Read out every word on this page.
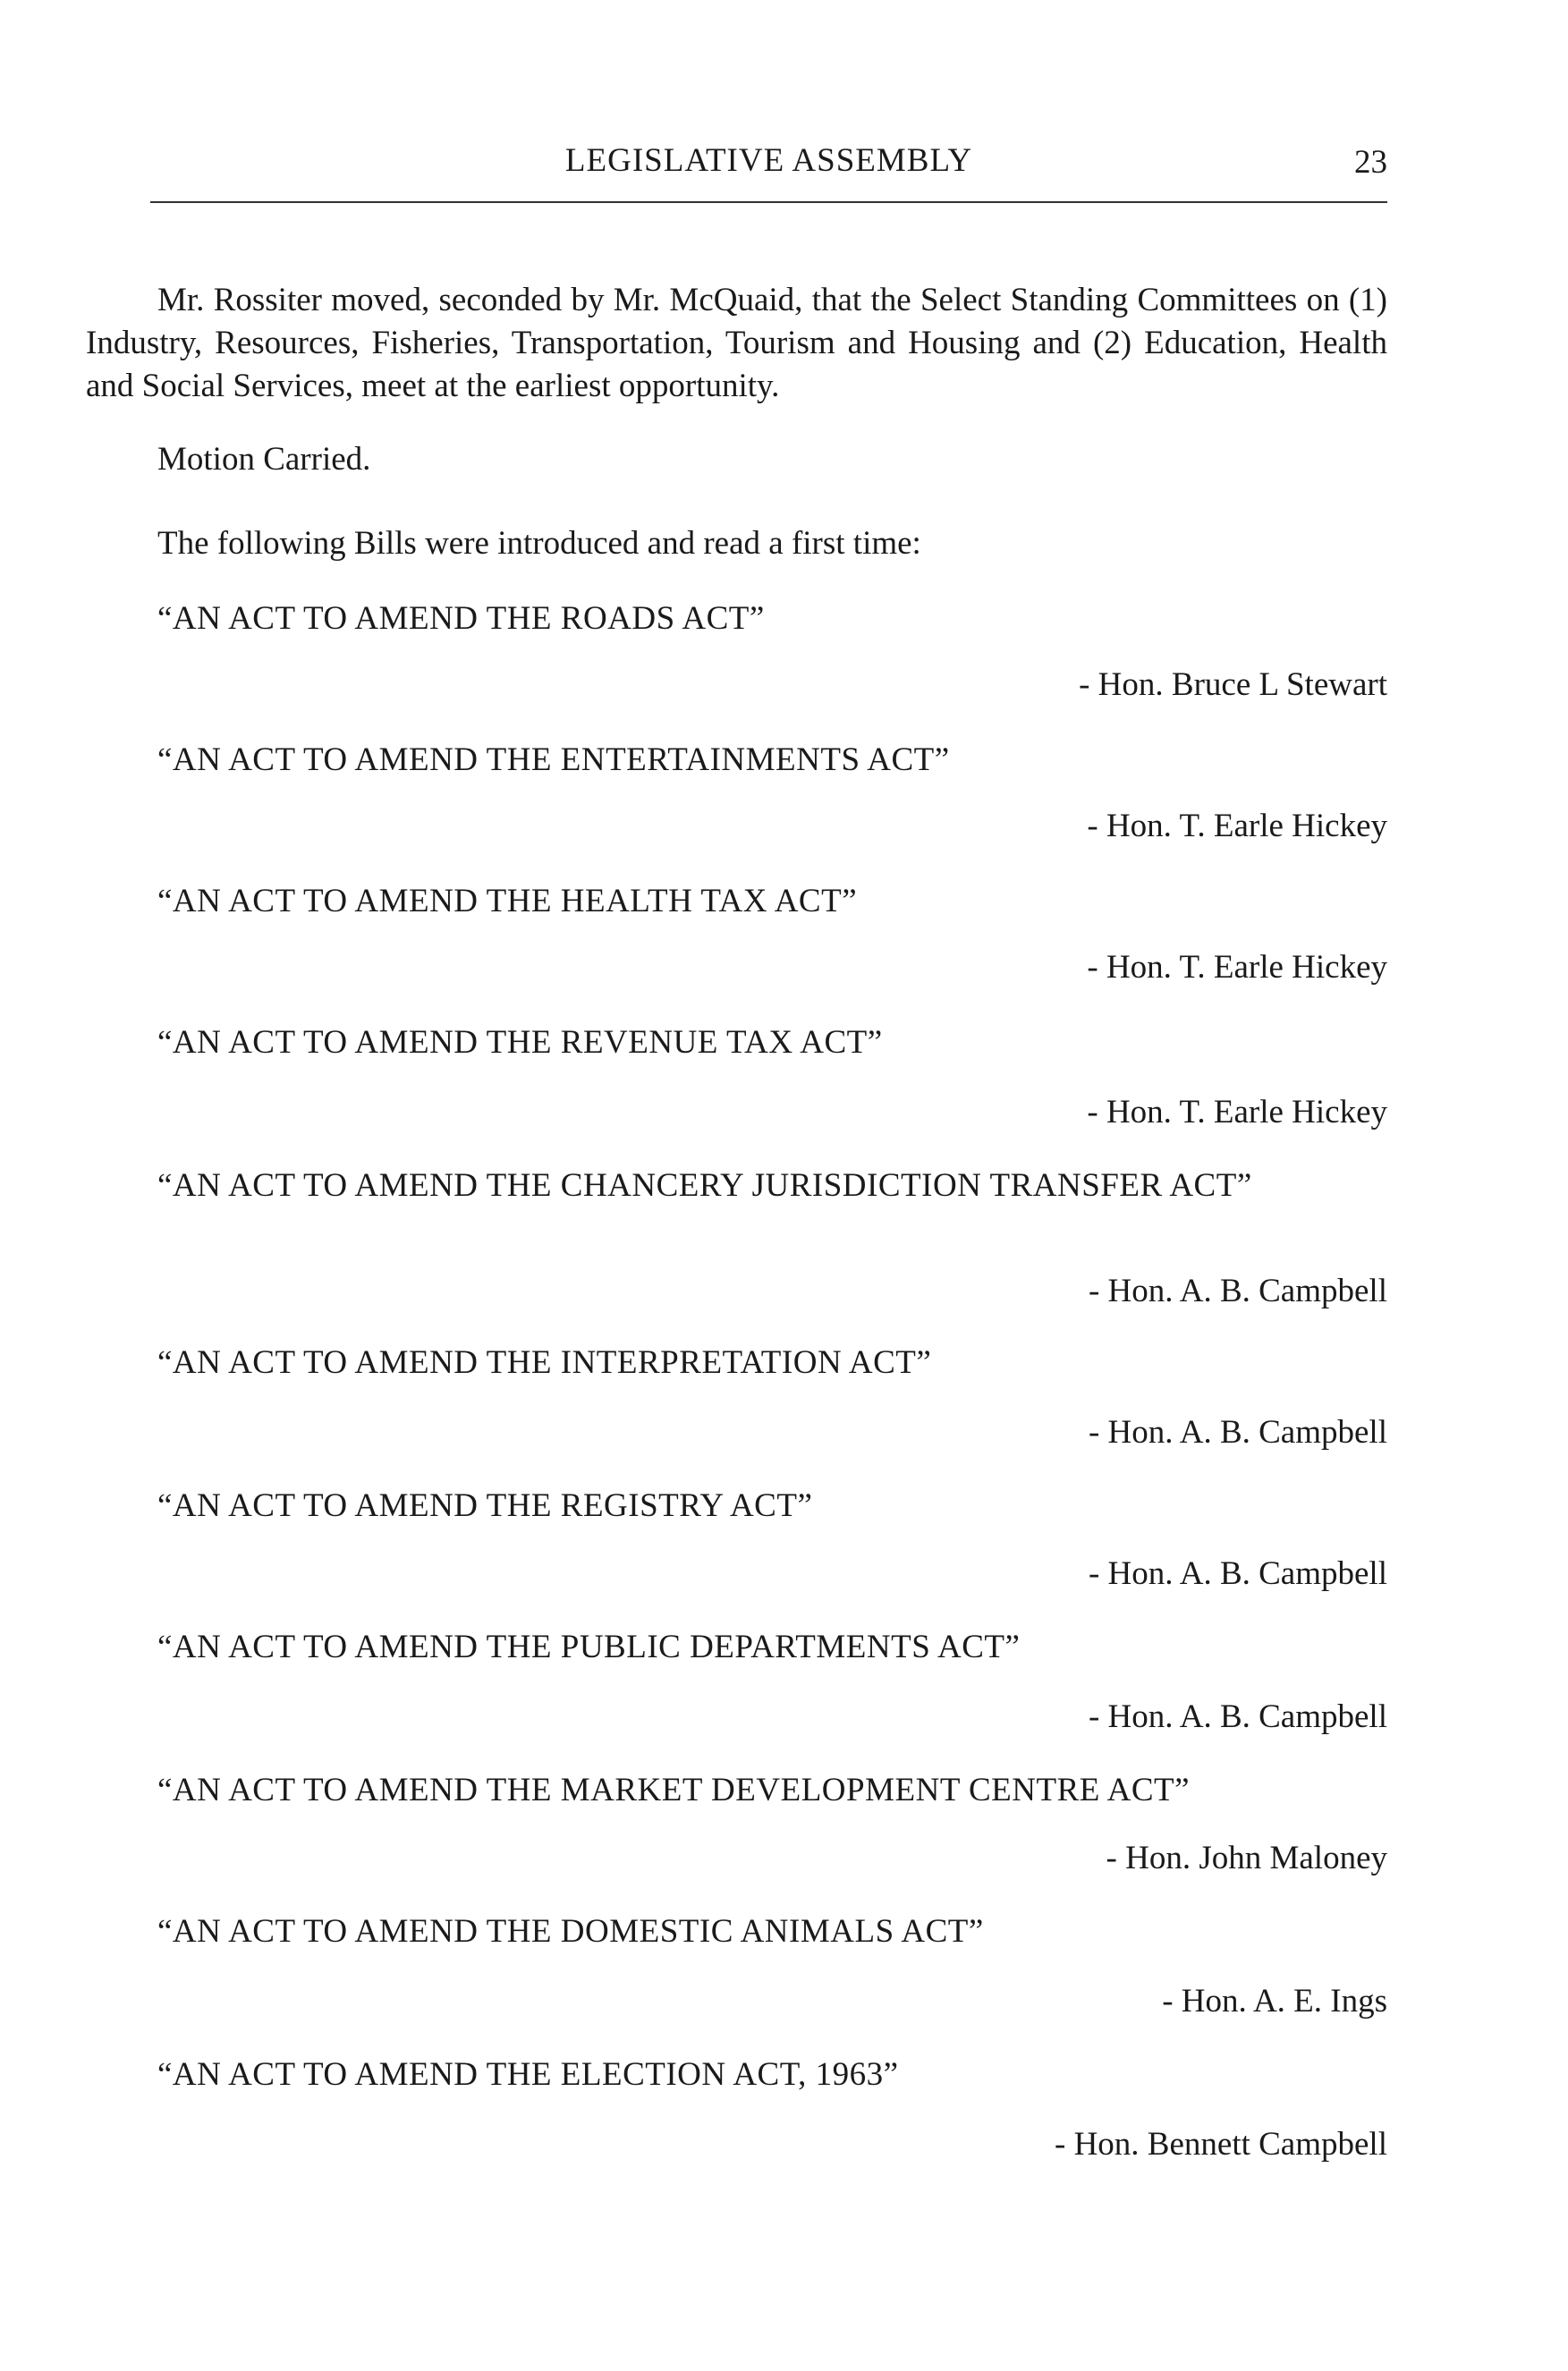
LEGISLATIVE ASSEMBLY	23
Mr. Rossiter moved, seconded by Mr. McQuaid, that the Select Standing Committees on (1) Industry, Resources, Fisheries, Transportation, Tourism and Housing and (2) Education, Health and Social Services, meet at the earliest opportunity.
Motion Carried.
The following Bills were introduced and read a first time:
“AN ACT TO AMEND THE ROADS ACT”
- Hon. Bruce L Stewart
“AN ACT TO AMEND THE ENTERTAINMENTS ACT”
- Hon. T. Earle Hickey
“AN ACT TO AMEND THE HEALTH TAX ACT”
- Hon. T. Earle Hickey
“AN ACT TO AMEND THE REVENUE TAX ACT”
- Hon. T. Earle Hickey
“AN ACT TO AMEND THE CHANCERY JURISDICTION TRANSFER ACT”
- Hon. A. B. Campbell
“AN ACT TO AMEND THE INTERPRETATION ACT”
- Hon. A. B. Campbell
“AN ACT TO AMEND THE REGISTRY ACT”
- Hon. A. B. Campbell
“AN ACT TO AMEND THE PUBLIC DEPARTMENTS ACT”
- Hon. A. B. Campbell
“AN ACT TO AMEND THE MARKET DEVELOPMENT CENTRE ACT”
- Hon. John Maloney
“AN ACT TO AMEND THE DOMESTIC ANIMALS ACT”
- Hon. A. E. Ings
“AN ACT TO AMEND THE ELECTION ACT, 1963”
- Hon. Bennett Campbell
